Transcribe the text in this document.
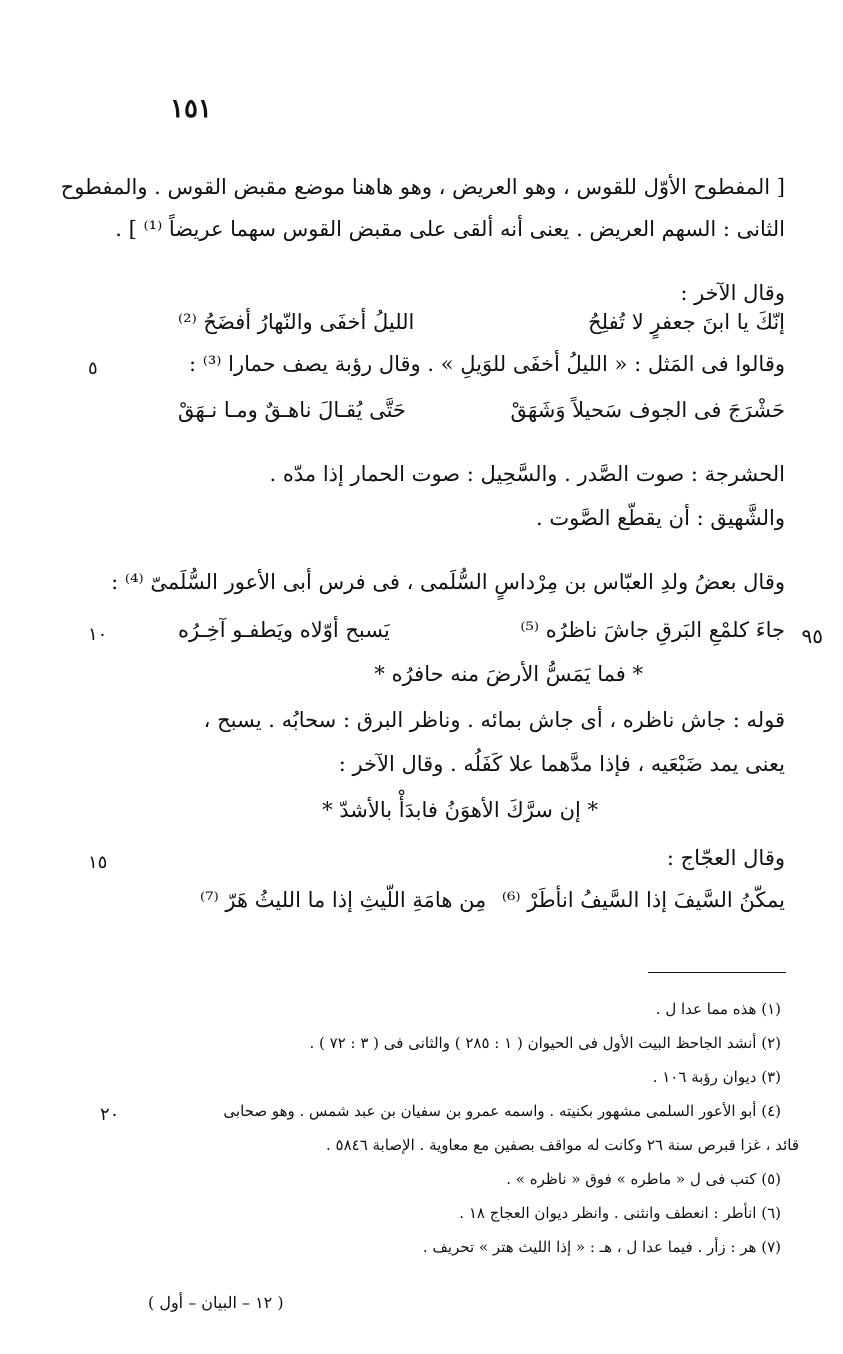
١٥١
[ المفطوح الأوّل للقوس ، وهو العريض ، وهو هاهنا موضع مقبض القوس . والمفطوح
الثانى : السهم العريض . يعنى أنه ألقى على مقبض القوس سهما عريضاً ⁽¹⁾ ] .
وقال الآخر :
إنّكَ يا ابنَ جعفرٍ لا تُفلِحُ
الليلُ أخفَى والنّهارُ أفضَحُ ⁽²⁾
وقالوا فى المَثل : « الليلُ أخفَى للوَيلِ » . وقال رؤبة يصف حمارا ⁽³⁾ :
٥
حَشْرَجَ فى الجوف سَحيلاً وَشَهَقْ
حَتَّى يُقـالَ ناهـقٌ ومـا نـهَقْ
الحشرجة : صوت الصَّدر . والسَّحِيل : صوت الحمار إذا مدّه .
والشَّهيق : أن يقطّع الصَّوت .
وقال بعضُ ولدِ العبّاس بن مِرْداسٍ السُّلَمى ، فى فرس أبى الأعور السُّلَمىّ ⁽⁴⁾ :
٩٥
١٠	جاءَ كلمْعِ البَرقِ جاشَ ناظرُه ⁽⁵⁾
يَسبح أوّلاه ويَطفـو آخِـرُه
* فما يَمَسُّ الأرضَ منه حافرُه *
قوله : جاش ناظره ، أى جاش بمائه . وناظر البرق : سحابُه . يسبح ،
يعنى يمد ضَبْعَيه ، فإذا مدَّهما علا كَفَلُه . وقال الآخر :
* إن سرَّكَ الأهوَنُ فابدَأْ بالأشدّ *
وقال العجّاج :
١٥
يمكّنُ السَّيفَ إذا السَّيفُ انأطَرْ ⁽⁶⁾
مِن هامَةِ اللّيثِ إذا ما الليثُ هَرّ ⁽⁷⁾
(١) هذه مما عدا ل .
(٢) أنشد الجاحظ البيت الأول فى الحيوان ( ١ : ٢٨٥ ) والثانى فى ( ٣ : ٧٢ ) .
(٣) ديوان رؤبة ١٠٦ .
(٤) أبو الأعور السلمى مشهور بكنيته . واسمه عمرو بن سفيان بن عبد شمس . وهو صحابى
قائد ، غزا قبرص سنة ٢٦ وكانت له مواقف بصفين مع معاوية . الإصابة ٥٨٤٦ .
(٥) كتب فى ل « ماطره » فوق « ناظره » .
(٦) انأطر : انعطف وانثنى . وانظر ديوان العجاج ١٨ .
(٧) هر : زأر . فيما عدا ل ، هـ : « إذا الليث هتر » تحريف .
٢٠
( ١٢ – البيان – أول )
